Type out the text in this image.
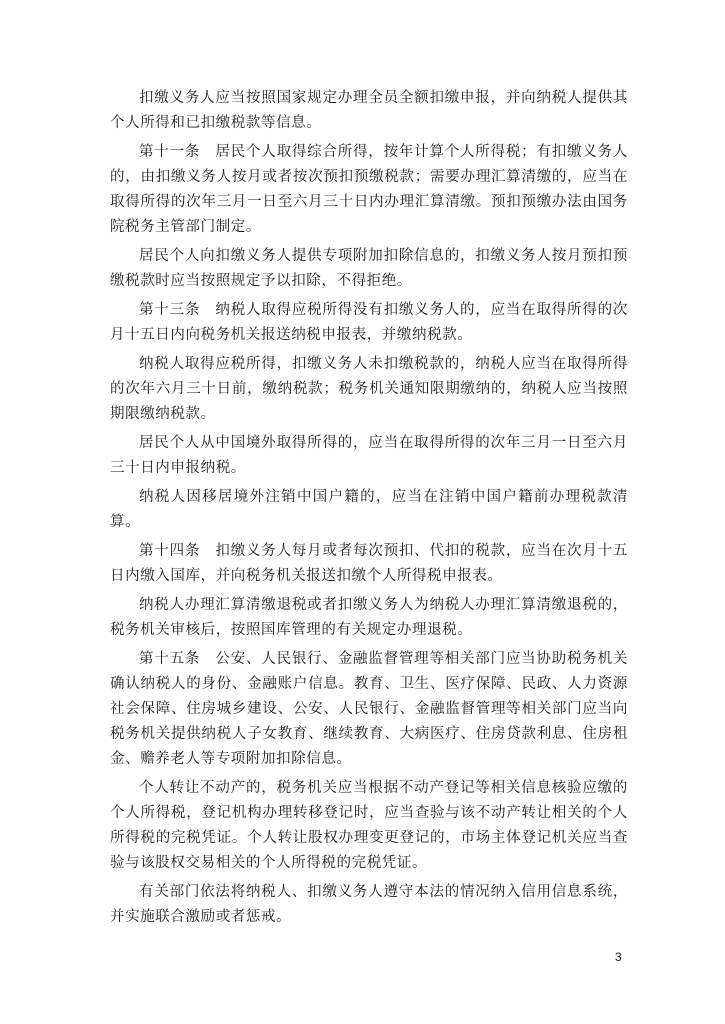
扣缴义务人应当按照国家规定办理全员全额扣缴申报，并向纳税人提供其个人所得和已扣缴税款等信息。

第十一条　居民个人取得综合所得，按年计算个人所得税；有扣缴义务人的，由扣缴义务人按月或者按次预扣预缴税款；需要办理汇算清缴的，应当在取得所得的次年三月一日至六月三十日内办理汇算清缴。预扣预缴办法由国务院税务主管部门制定。

居民个人向扣缴义务人提供专项附加扣除信息的，扣缴义务人按月预扣预缴税款时应当按照规定予以扣除，不得拒绝。

第十三条　纳税人取得应税所得没有扣缴义务人的，应当在取得所得的次月十五日内向税务机关报送纳税申报表，并缴纳税款。

纳税人取得应税所得，扣缴义务人未扣缴税款的，纳税人应当在取得所得的次年六月三十日前，缴纳税款；税务机关通知限期缴纳的，纳税人应当按照期限缴纳税款。

居民个人从中国境外取得所得的，应当在取得所得的次年三月一日至六月三十日内申报纳税。

纳税人因移居境外注销中国户籍的，应当在注销中国户籍前办理税款清算。

第十四条　扣缴义务人每月或者每次预扣、代扣的税款，应当在次月十五日内缴入国库，并向税务机关报送扣缴个人所得税申报表。

纳税人办理汇算清缴退税或者扣缴义务人为纳税人办理汇算清缴退税的，税务机关审核后，按照国库管理的有关规定办理退税。

第十五条　公安、人民银行、金融监督管理等相关部门应当协助税务机关确认纳税人的身份、金融账户信息。教育、卫生、医疗保障、民政、人力资源社会保障、住房城乡建设、公安、人民银行、金融监督管理等相关部门应当向税务机关提供纳税人子女教育、继续教育、大病医疗、住房贷款利息、住房租金、赡养老人等专项附加扣除信息。

个人转让不动产的，税务机关应当根据不动产登记等相关信息核验应缴的个人所得税，登记机构办理转移登记时，应当查验与该不动产转让相关的个人所得税的完税凭证。个人转让股权办理变更登记的，市场主体登记机关应当查验与该股权交易相关的个人所得税的完税凭证。

有关部门依法将纳税人、扣缴义务人遵守本法的情况纳入信用信息系统，并实施联合激励或者惩戒。

3
